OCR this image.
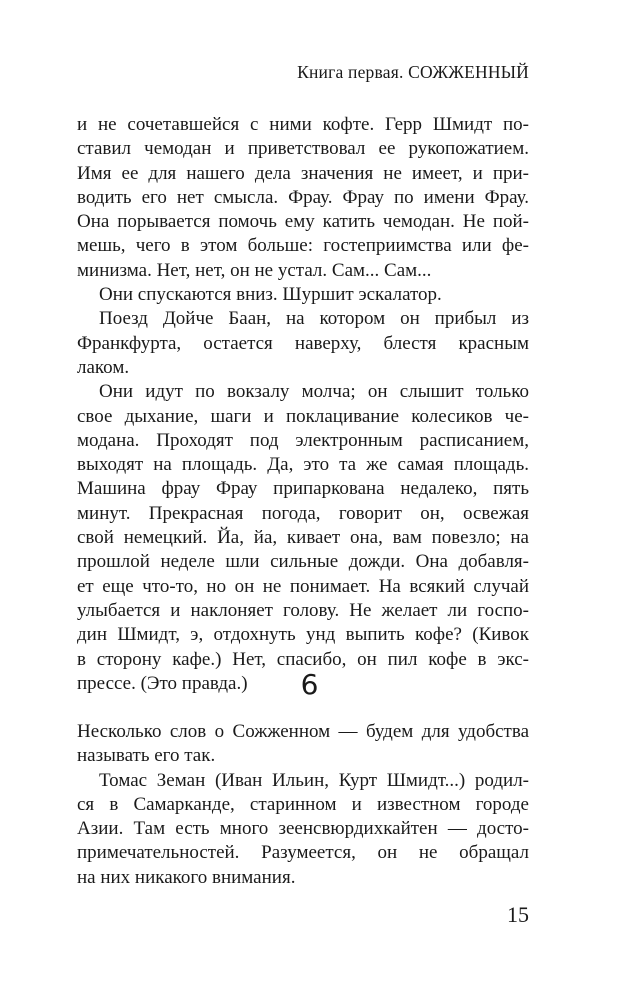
Книга первая. СОЖЖЕННЫЙ
и не сочетавшейся с ними кофте. Герр Шмидт по-
ставил чемодан и приветствовал ее рукопожатием.
Имя ее для нашего дела значения не имеет, и при-
водить его нет смысла. Фрау. Фрау по имени Фрау.
Она порывается помочь ему катить чемодан. Не пой-
мешь, чего в этом больше: гостеприимства или фе-
минизма. Нет, нет, он не устал. Сам... Сам...
Они спускаются вниз. Шуршит эскалатор.
Поезд Дойче Баан, на котором он прибыл из
Франкфурта, остается наверху, блестя красным
лаком.
Они идут по вокзалу молча; он слышит только
свое дыхание, шаги и поклацивание колесиков че-
модана. Проходят под электронным расписанием,
выходят на площадь. Да, это та же самая площадь.
Машина фрау Фрау припаркована недалеко, пять
минут. Прекрасная погода, говорит он, освежая
свой немецкий. Йа, йа, кивает она, вам повезло; на
прошлой неделе шли сильные дожди. Она добавля-
ет еще что-то, но он не понимает. На всякий случай
улыбается и наклоняет голову. Не желает ли госпо-
дин Шмидт, э, отдохнуть унд выпить кофе? (Кивок
в сторону кафе.) Нет, спасибо, он пил кофе в экс-
прессе. (Это правда.)	6
Несколько слов о Сожженном — будем для удобства
называть его так.
Томас Земан (Иван Ильин, Курт Шмидт...) родил-
ся в Самарканде, старинном и известном городе
Азии. Там есть много зеенсвюрдихкайтен — досто-
примечательностей. Разумеется, он не обращал
на них никакого внимания.
15
